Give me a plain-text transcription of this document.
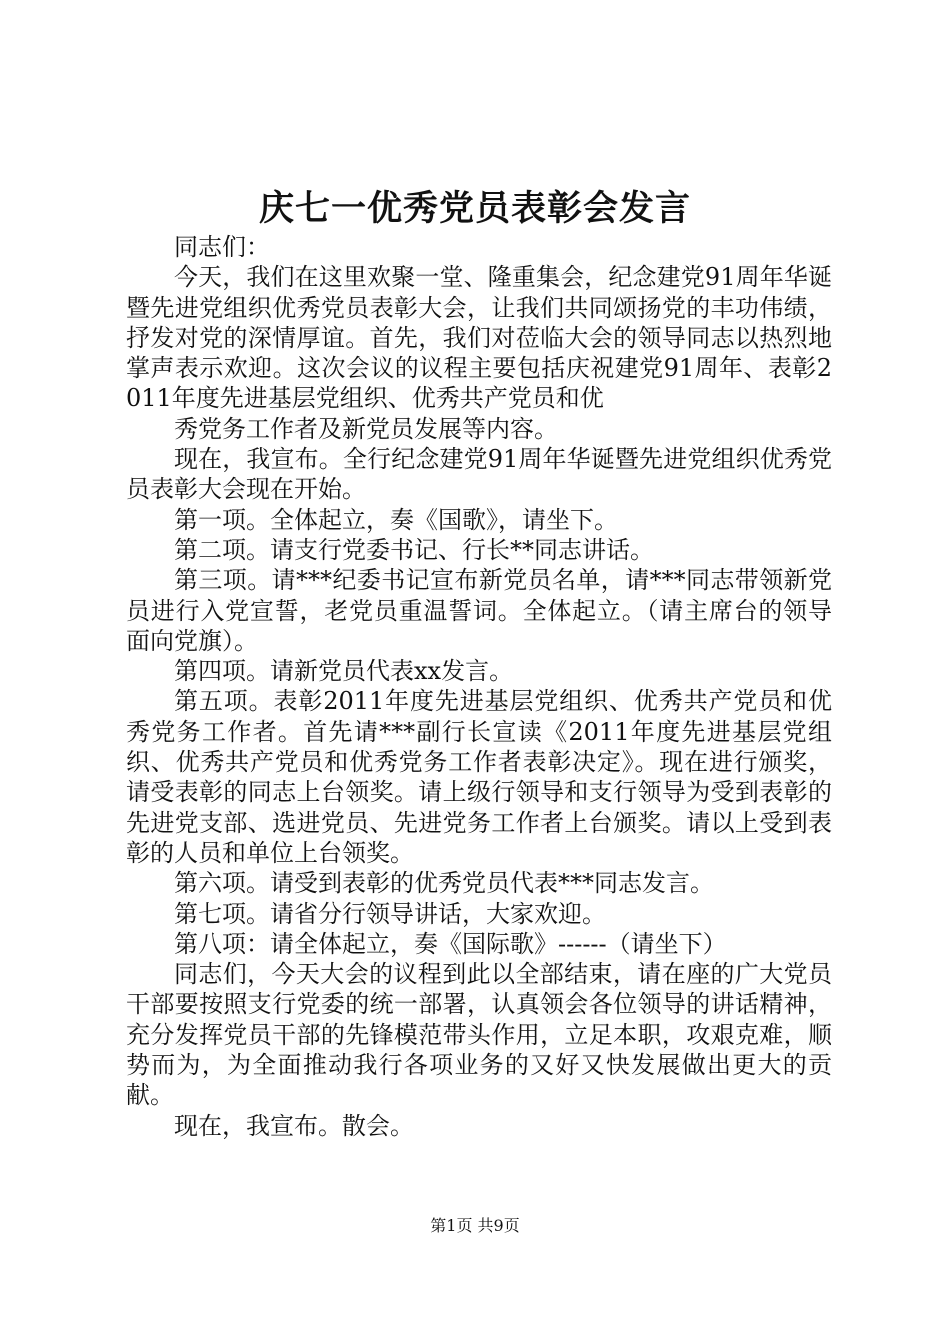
庆七一优秀党员表彰会发言

同志们：

今天，我们在这里欢聚一堂、隆重集会，纪念建党91周年华诞暨先进党组织优秀党员表彰大会，让我们共同颂扬党的丰功伟绩，抒发对党的深情厚谊。首先，我们对莅临大会的领导同志以热烈地掌声表示欢迎。这次会议的议程主要包括庆祝建党91周年、表彰2011年度先进基层党组织、优秀共产党员和优

秀党务工作者及新党员发展等内容。

现在，我宣布。全行纪念建党91周年华诞暨先进党组织优秀党员表彰大会现在开始。

第一项。全体起立，奏《国歌》，请坐下。

第二项。请支行党委书记、行长**同志讲话。

第三项。请***纪委书记宣布新党员名单，请***同志带领新党员进行入党宣誓，老党员重温誓词。全体起立。（请主席台的领导面向党旗）。

第四项。请新党员代表xx发言。

第五项。表彰2011年度先进基层党组织、优秀共产党员和优秀党务工作者。首先请***副行长宣读《2011年度先进基层党组织、优秀共产党员和优秀党务工作者表彰决定》。现在进行颁奖，请受表彰的同志上台领奖。请上级行领导和支行领导为受到表彰的先进党支部、选进党员、先进党务工作者上台颁奖。请以上受到表彰的人员和单位上台领奖。

第六项。请受到表彰的优秀党员代表***同志发言。

第七项。请省分行领导讲话，大家欢迎。

第八项：请全体起立，奏《国际歌》------（请坐下）

同志们，今天大会的议程到此以全部结束，请在座的广大党员干部要按照支行党委的统一部署，认真领会各位领导的讲话精神，充分发挥党员干部的先锋模范带头作用，立足本职，攻艰克难，顺势而为，为全面推动我行各项业务的又好又快发展做出更大的贡献。

现在，我宣布。散会。

第1页 共9页
